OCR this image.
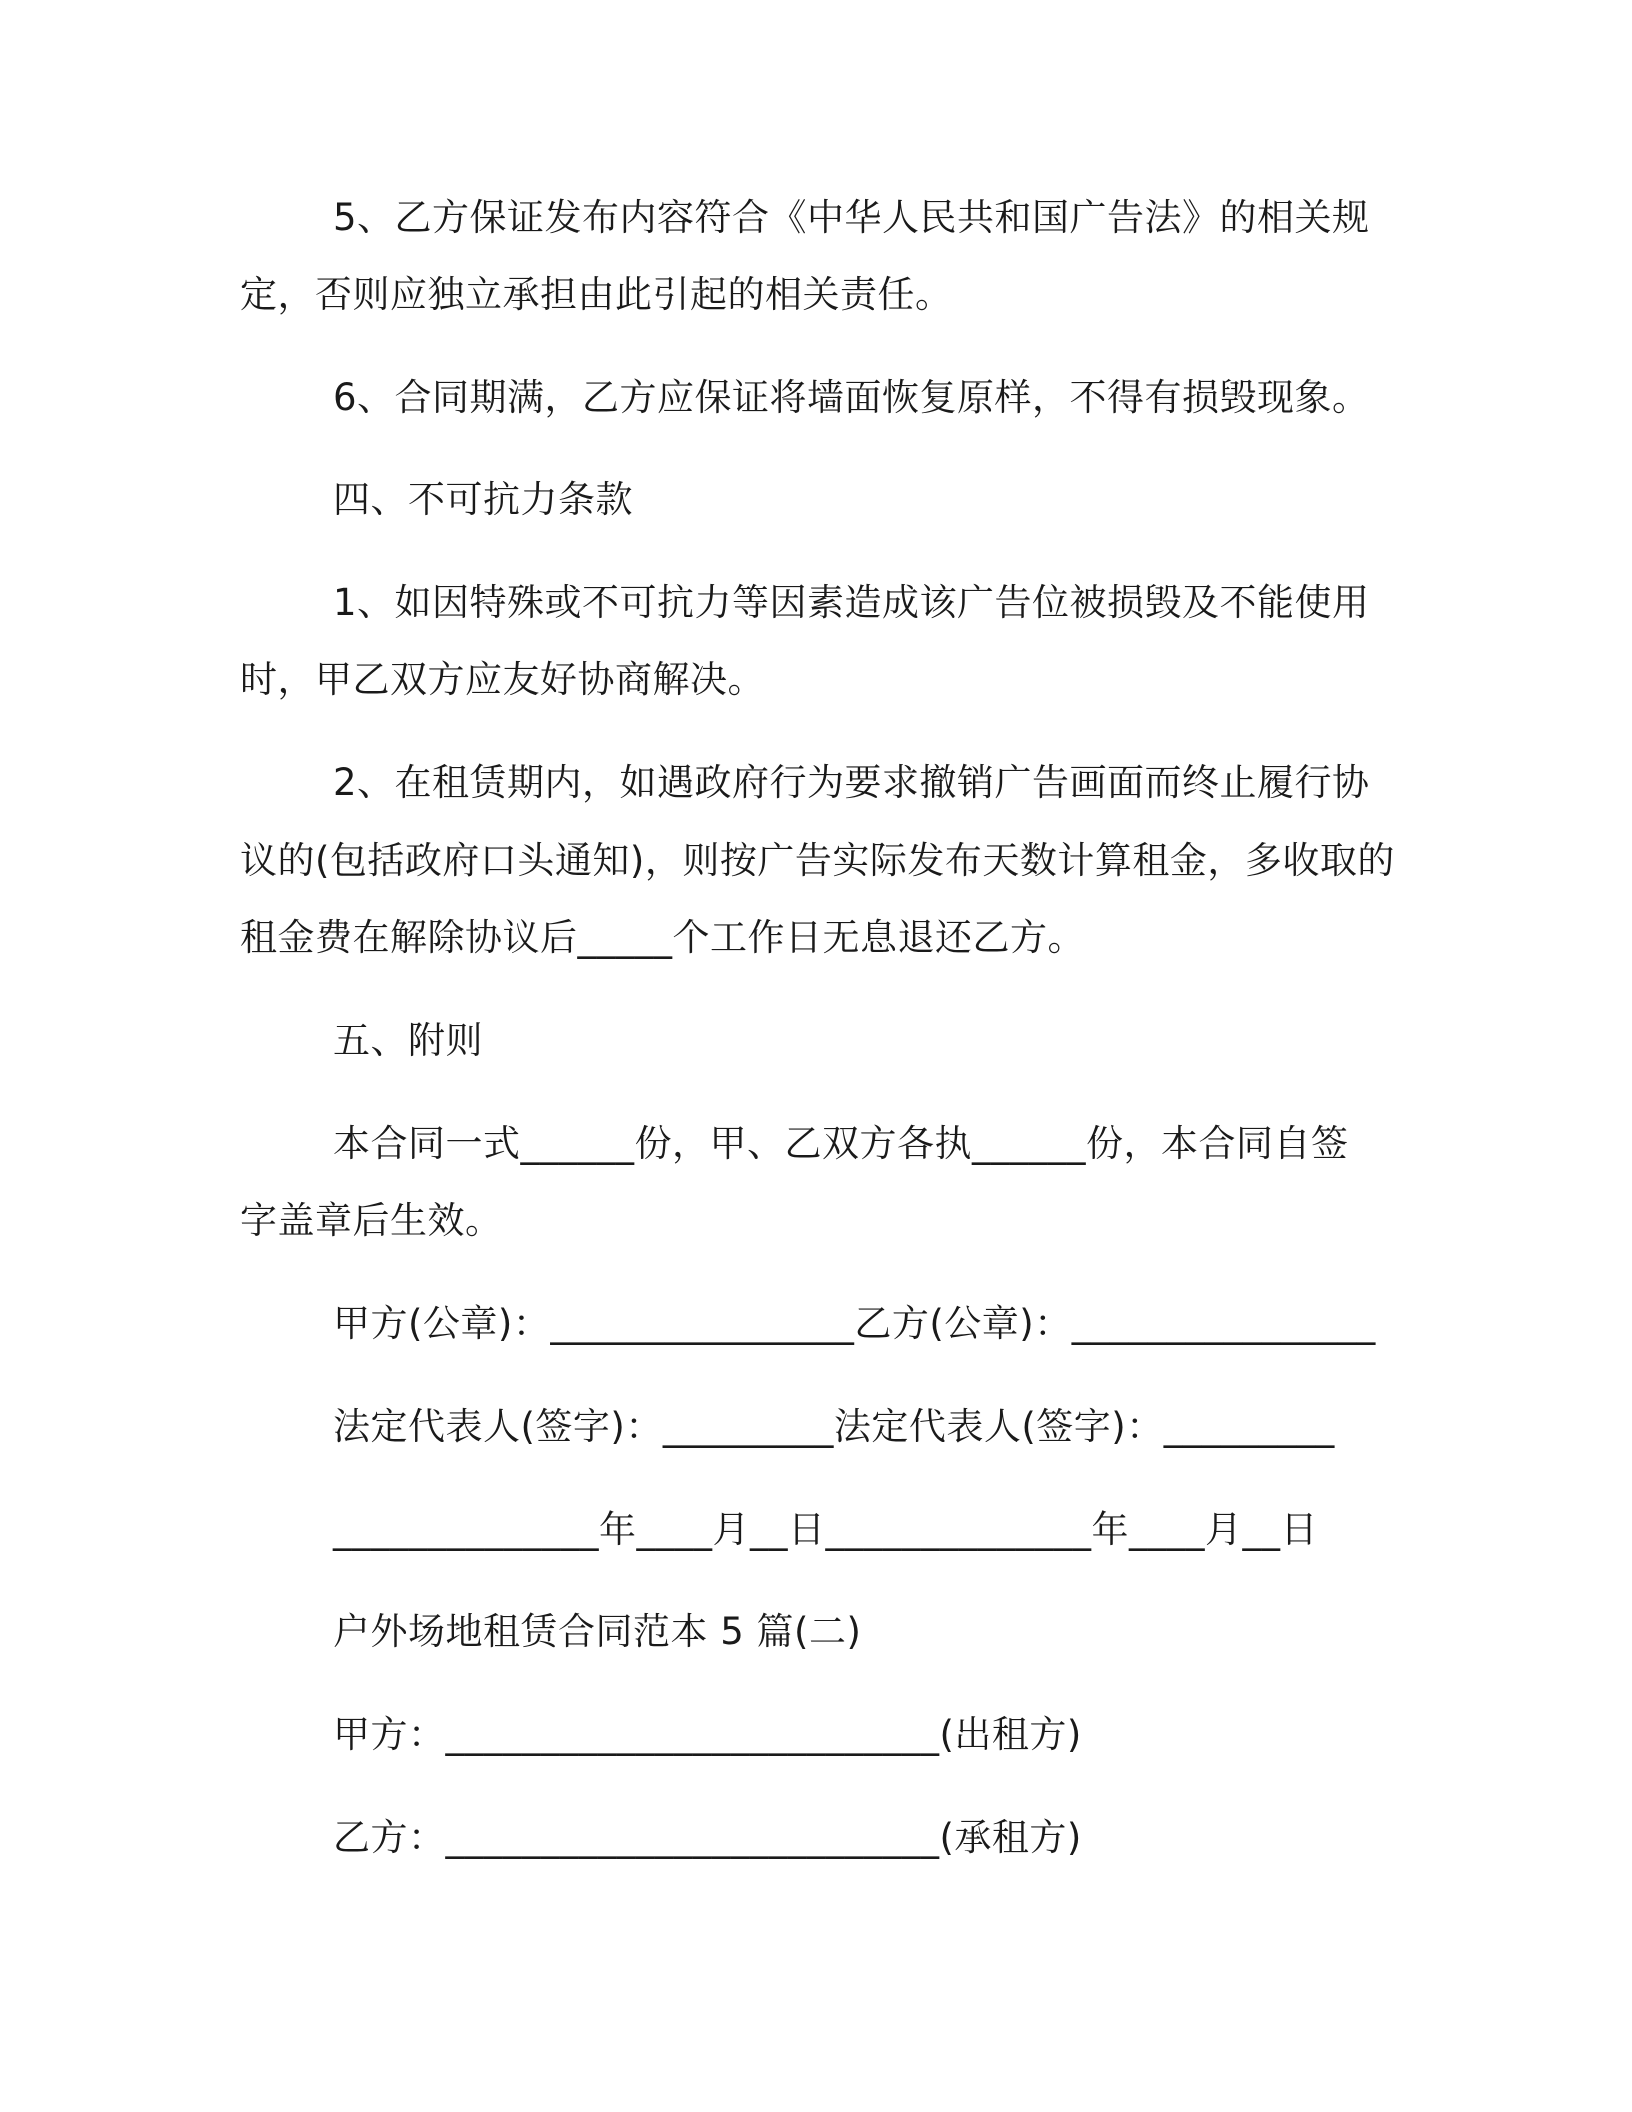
5、乙方保证发布内容符合《中华人民共和国广告法》的相关规
定，否则应独立承担由此引起的相关责任。
6、合同期满，乙方应保证将墙面恢复原样，不得有损毁现象。
四、不可抗力条款
1、如因特殊或不可抗力等因素造成该广告位被损毁及不能使用
时，甲乙双方应友好协商解决。
2、在租赁期内，如遇政府行为要求撤销广告画面而终止履行协
议的(包括政府口头通知)，则按广告实际发布天数计算租金，多收取的
租金费在解除协议后_____个工作日无息退还乙方。
五、附则
本合同一式______份，甲、乙双方各执______份，本合同自签
字盖章后生效。
甲方(公章)：________________乙方(公章)：________________
法定代表人(签字)：_________法定代表人(签字)：_________
______________年____月__日______________年____月__日
户外场地租赁合同范本 5 篇(二)
甲方：__________________________(出租方)
乙方：__________________________(承租方)
